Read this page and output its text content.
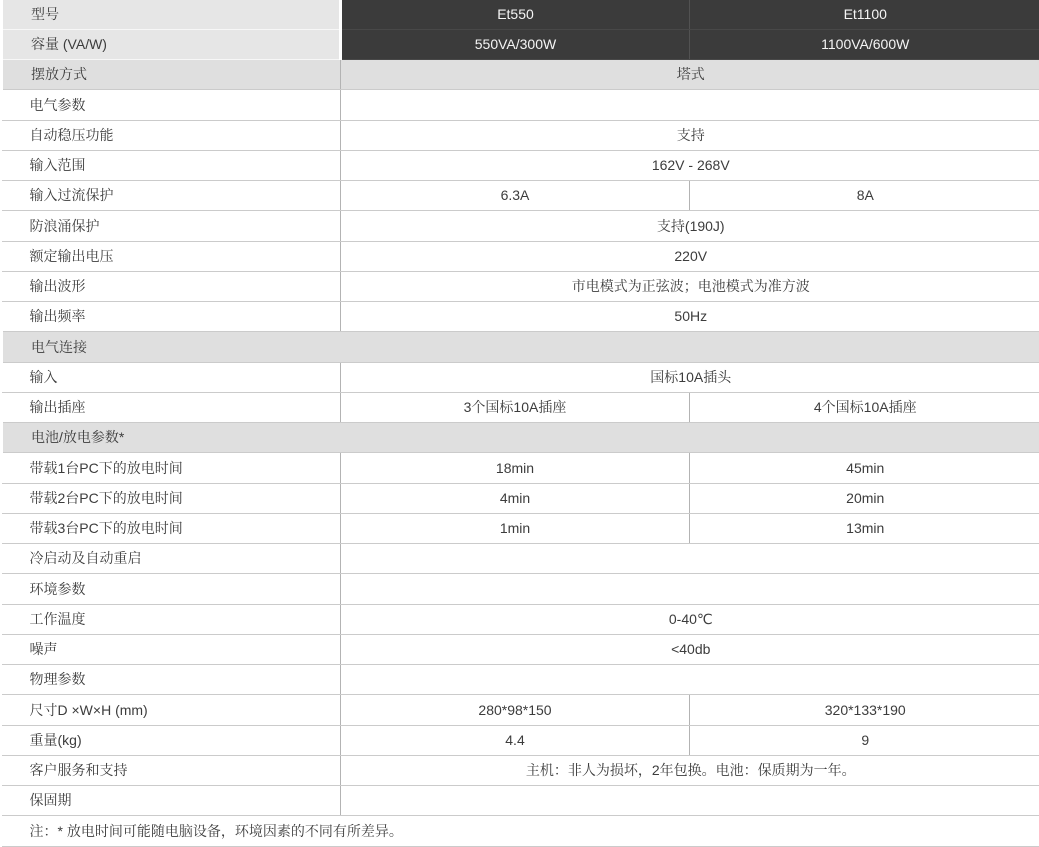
型号	Et550	Et1100
容量 (VA/W)	550VA/300W	1100VA/600W
摆放方式	塔式	
电气参数		
自动稳压功能	支持	
输入范围	162V - 268V	
输入过流保护	6.3A	8A
防浪涌保护	支持(190J)	
额定输出电压	220V	
输出波形	市电模式为正弦波；电池模式为准方波	
输出频率	50Hz	
电气连接		
输入	国标10A插头	
输出插座	3个国标10A插座	4个国标10A插座
电池/放电参数*		
带载1台PC下的放电时间	18min	45min
带载2台PC下的放电时间	4min	20min
带载3台PC下的放电时间	1min	13min
冷启动及自动重启		
环境参数		
工作温度	0-40℃	
噪声	<40db	
物理参数		
尺寸D ×W×H (mm)	280*98*150	320*133*190
重量(kg)	4.4	9
客户服务和支持	主机：非人为损坏，2年包换。电池：保质期为一年。	
保固期		
注：* 放电时间可能随电脑设备，环境因素的不同有所差异。		
